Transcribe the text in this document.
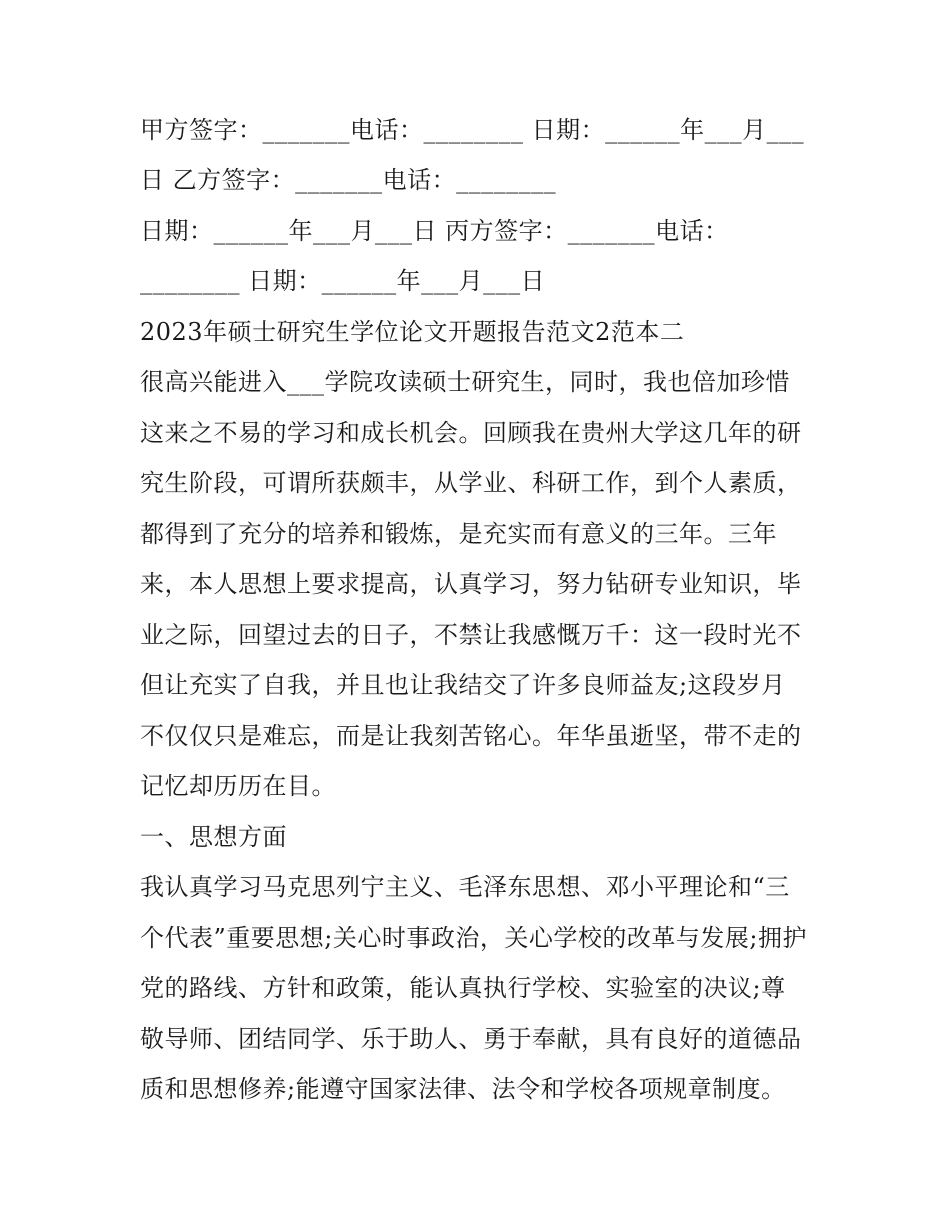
甲方签字：_______电话：________ 日期：______年___月___
日 乙方签字：_______电话：________
日期：______年___月___日 丙方签字：_______电话：
________ 日期：______年___月___日
2023年硕士研究生学位论文开题报告范文2范本二
很高兴能进入___学院攻读硕士研究生，同时，我也倍加珍惜
这来之不易的学习和成长机会。回顾我在贵州大学这几年的研
究生阶段，可谓所获颇丰，从学业、科研工作，到个人素质，
都得到了充分的培养和锻炼，是充实而有意义的三年。三年
来，本人思想上要求提高，认真学习，努力钻研专业知识，毕
业之际，回望过去的日子，不禁让我感慨万千：这一段时光不
但让充实了自我，并且也让我结交了许多良师益友;这段岁月
不仅仅只是难忘，而是让我刻苦铭心。年华虽逝坚，带不走的
记忆却历历在目。
一、思想方面
我认真学习马克思列宁主义、毛泽东思想、邓小平理论和“三
个代表”重要思想;关心时事政治，关心学校的改革与发展;拥护
党的路线、方针和政策，能认真执行学校、实验室的决议;尊
敬导师、团结同学、乐于助人、勇于奉献，具有良好的道德品
质和思想修养;能遵守国家法律、法令和学校各项规章制度。
